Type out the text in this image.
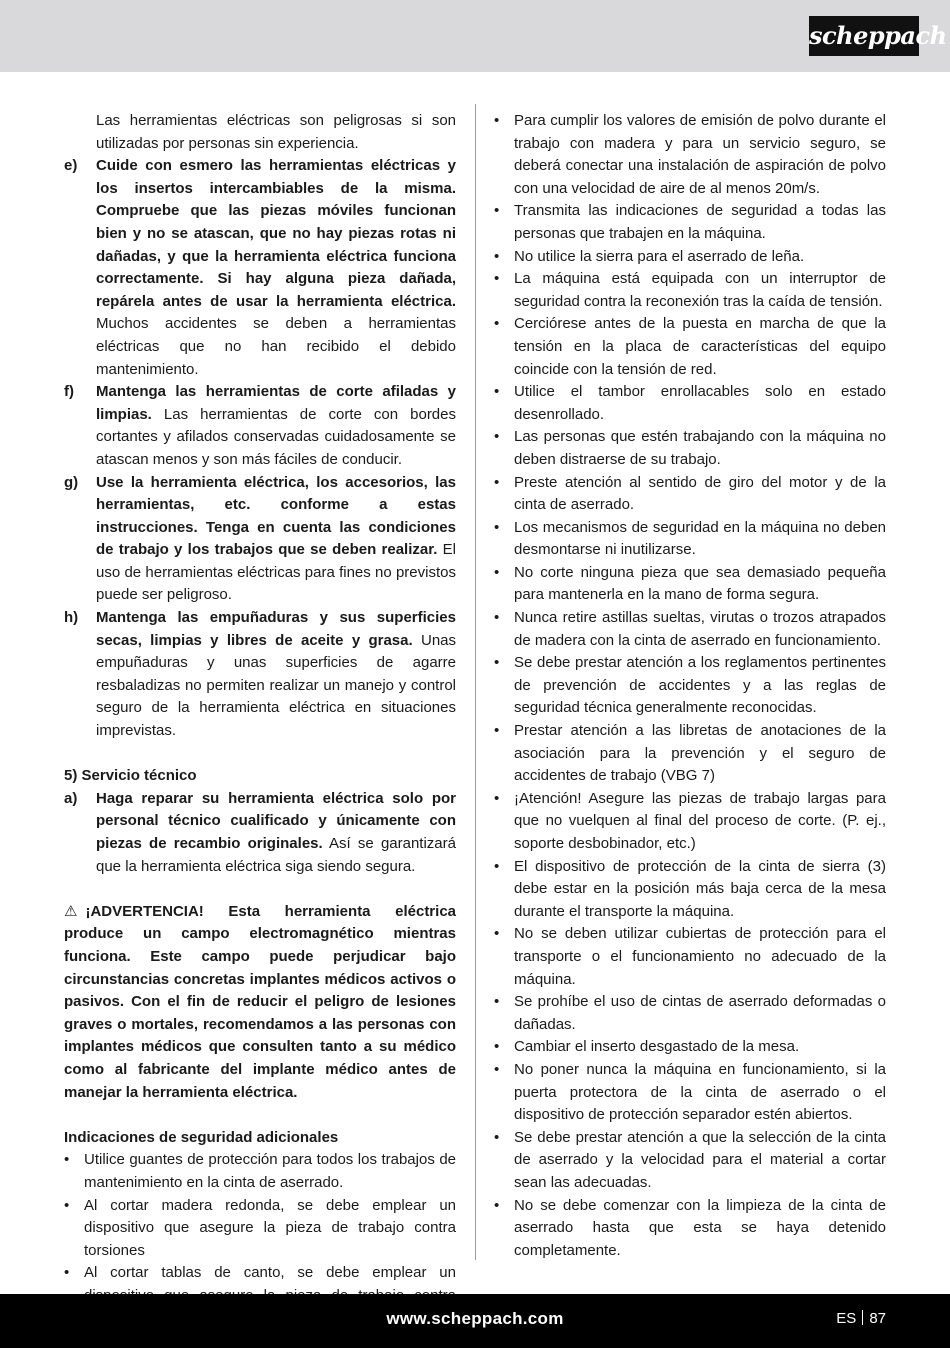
scheppach

Las herramientas eléctricas son peligrosas si son utilizadas por personas sin experiencia.

e) Cuide con esmero las herramientas eléctricas y los insertos intercambiables de la misma. Compruebe que las piezas móviles funcionan bien y no se atascan, que no hay piezas rotas ni dañadas, y que la herramienta eléctrica funciona correctamente. Si hay alguna pieza dañada, repárela antes de usar la herramienta eléctrica. Muchos accidentes se deben a herramientas eléctricas que no han recibido el debido mantenimiento.
f) Mantenga las herramientas de corte afiladas y limpias. Las herramientas de corte con bordes cortantes y afilados conservadas cuidadosamente se atascan menos y son más fáciles de conducir.
g) Use la herramienta eléctrica, los accesorios, las herramientas, etc. conforme a estas instrucciones. Tenga en cuenta las condiciones de trabajo y los trabajos que se deben realizar. El uso de herramientas eléctricas para fines no previstos puede ser peligroso.
h) Mantenga las empuñaduras y sus superficies secas, limpias y libres de aceite y grasa. Unas empuñaduras y unas superficies de agarre resbaladizas no permiten realizar un manejo y control seguro de la herramienta eléctrica en situaciones imprevistas.

5) Servicio técnico

a) Haga reparar su herramienta eléctrica solo por personal técnico cualificado y únicamente con piezas de recambio originales. Así se garantizará que la herramienta eléctrica siga siendo segura.

⚠ ¡ADVERTENCIA! Esta herramienta eléctrica produce un campo electromagnético mientras funciona. Este campo puede perjudicar bajo circunstancias concretas implantes médicos activos o pasivos. Con el fin de reducir el peligro de lesiones graves o mortales, recomendamos a las personas con implantes médicos que consulten tanto a su médico como al fabricante del implante médico antes de manejar la herramienta eléctrica.

Indicaciones de seguridad adicionales

• Utilice guantes de protección para todos los trabajos de mantenimiento en la cinta de aserrado.
• Al cortar madera redonda, se debe emplear un dispositivo que asegure la pieza de trabajo contra torsiones
• Al cortar tablas de canto, se debe emplear un
• Para cumplir los valores de emisión de polvo durante el trabajo con madera y para un servicio seguro, se deberá conectar una instalación de aspiración de polvo con una velocidad de aire de al menos 20m/s.
• Transmita las indicaciones de seguridad a todas las personas que trabajen en la máquina.
• No utilice la sierra para el aserrado de leña.
• La máquina está equipada con un interruptor de seguridad contra la reconexión tras la caída de tensión.
• Cerciórese antes de la puesta en marcha de que la tensión en la placa de características del equipo coincide con la tensión de red.
• Utilice el tambor enrollacables solo en estado desenrollado.
• Las personas que estén trabajando con la máquina no deben distraerse de su trabajo.
• Preste atención al sentido de giro del motor y de la cinta de aserrado.
• Los mecanismos de seguridad en la máquina no deben desmontarse ni inutilizarse.
• No corte ninguna pieza que sea demasiado pequeña para mantenerla en la mano de forma segura.
• Nunca retire astillas sueltas, virutas o trozos atrapados de madera con la cinta de aserrado en funcionamiento.
• Se debe prestar atención a los reglamentos pertinentes de prevención de accidentes y a las reglas de seguridad técnica generalmente reconocidas.
• Prestar atención a las libretas de anotaciones de la asociación para la prevención y el seguro de accidentes de trabajo (VBG 7)
• ¡Atención! Asegure las piezas de trabajo largas para que no vuelquen al final del proceso de corte. (P. ej., soporte desbobinador, etc.)
• El dispositivo de protección de la cinta de sierra (3) debe estar en la posición más baja cerca de la mesa durante el transporte la máquina.
• No se deben utilizar cubiertas de protección para el transporte o el funcionamiento no adecuado de la máquina.
• Se prohíbe el uso de cintas de aserrado deformadas o dañadas.
• Cambiar el inserto desgastado de la mesa.
• No poner nunca la máquina en funcionamiento, si la puerta protectora de la cinta de aserrado o el dispositivo de protección separador estén abiertos.
• Se debe prestar atención a que la selección de la cinta de aserrado y la velocidad para el material a cortar sean las adecuadas.
• No se debe comenzar con la limpieza de la cinta de aserrado hasta que esta se haya detenido completamente.
www.scheppach.com	ES 87
